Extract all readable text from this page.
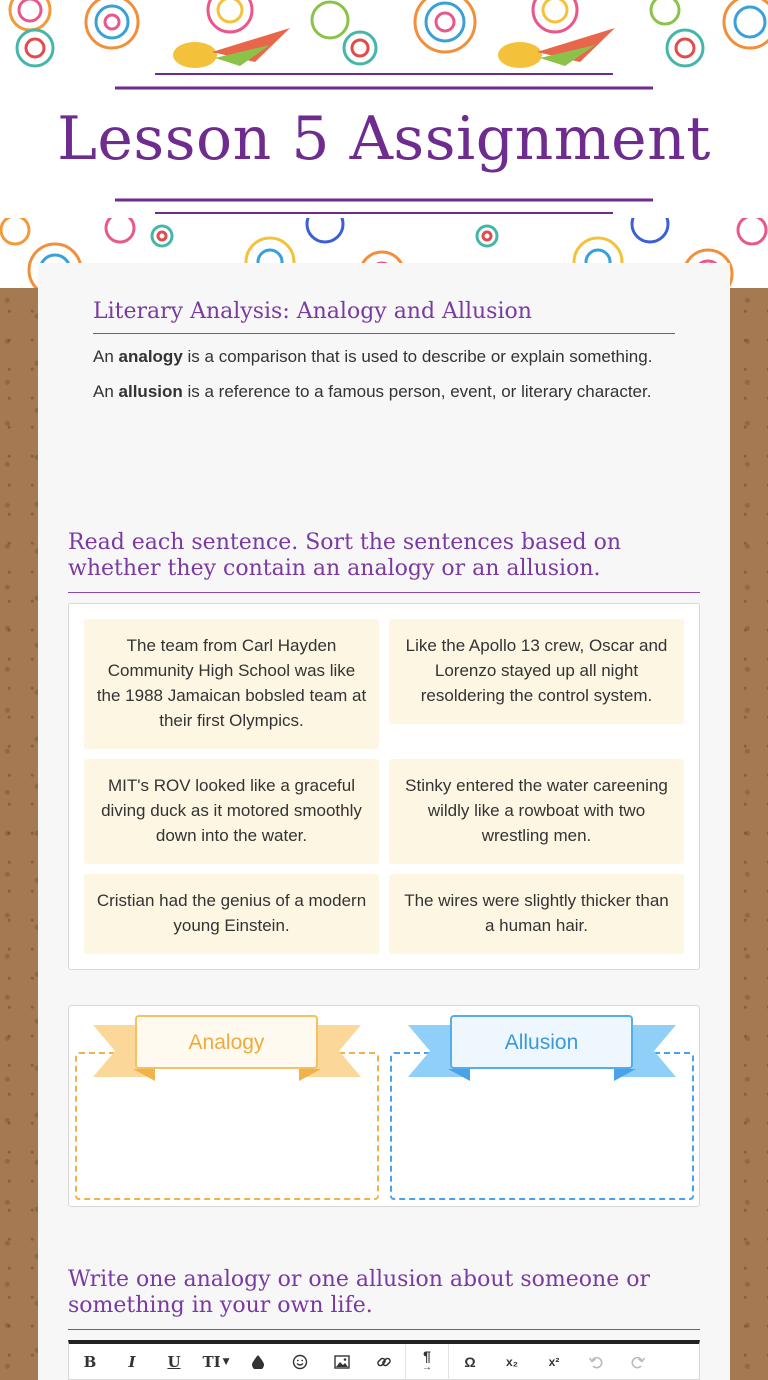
Lesson 5 Assignment
Literary Analysis: Analogy and Allusion

An analogy is a comparison that is used to describe or explain something.

An allusion is a reference to a famous person, event, or literary character.

Read each sentence. Sort the sentences based on whether they contain an analogy or an allusion.
The team from Carl Hayden Community High School was like the 1988 Jamaican bobsled team at their first Olympics.
Like the Apollo 13 crew, Oscar and Lorenzo stayed up all night resoldering the control system.
MIT's ROV looked like a graceful diving duck as it motored smoothly down into the water.
Stinky entered the water careening wildly like a rowboat with two wrestling men.
Cristian had the genius of a modern young Einstein.
The wires were slightly thicker than a human hair.
Analogy	Allusion
Write one analogy or one allusion about someone or something in your own life.
B	I	U	TI ▼	¶
→	Ω	x₂	x²
